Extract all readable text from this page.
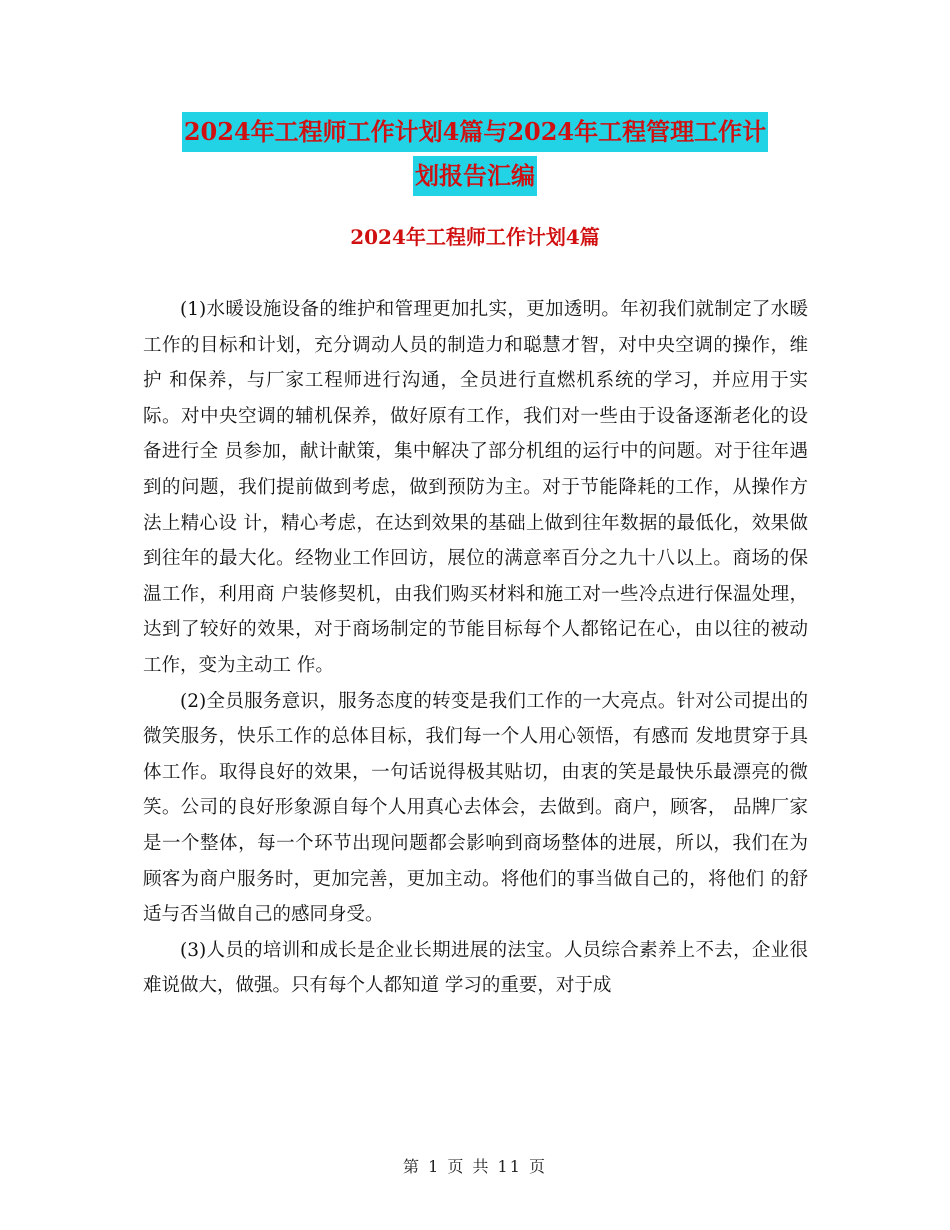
2024年工程师工作计划4篇与2024年工程管理工作计
划报告汇编
2024年工程师工作计划4篇

(1)水暖设施设备的维护和管理更加扎实，更加透明。年初我们就制定了水暖工作的目标和计划，充分调动人员的制造力和聪慧才智，对中央空调的操作，维护 和保养，与厂家工程师进行沟通，全员进行直燃机系统的学习，并应用于实际。对中央空调的辅机保养，做好原有工作，我们对一些由于设备逐渐老化的设备进行全 员参加，献计献策，集中解决了部分机组的运行中的问题。对于往年遇到的问题，我们提前做到考虑，做到预防为主。对于节能降耗的工作，从操作方法上精心设 计，精心考虑，在达到效果的基础上做到往年数据的最低化，效果做到往年的最大化。经物业工作回访，展位的满意率百分之九十八以上。商场的保温工作，利用商 户装修契机，由我们购买材料和施工对一些冷点进行保温处理，达到了较好的效果，对于商场制定的节能目标每个人都铭记在心，由以往的被动工作，变为主动工 作。

(2)全员服务意识，服务态度的转变是我们工作的一大亮点。针对公司提出的微笑服务，快乐工作的总体目标，我们每一个人用心领悟，有感而 发地贯穿于具体工作。取得良好的效果，一句话说得极其贴切，由衷的笑是最快乐最漂亮的微笑。公司的良好形象源自每个人用真心去体会，去做到。商户，顾客， 品牌厂家是一个整体，每一个环节出现问题都会影响到商场整体的进展，所以，我们在为顾客为商户服务时，更加完善，更加主动。将他们的事当做自己的，将他们 的舒适与否当做自己的感同身受。

(3)人员的培训和成长是企业长期进展的法宝。人员综合素养上不去，企业很难说做大，做强。只有每个人都知道 学习的重要，对于成

第 1 页 共 11 页
